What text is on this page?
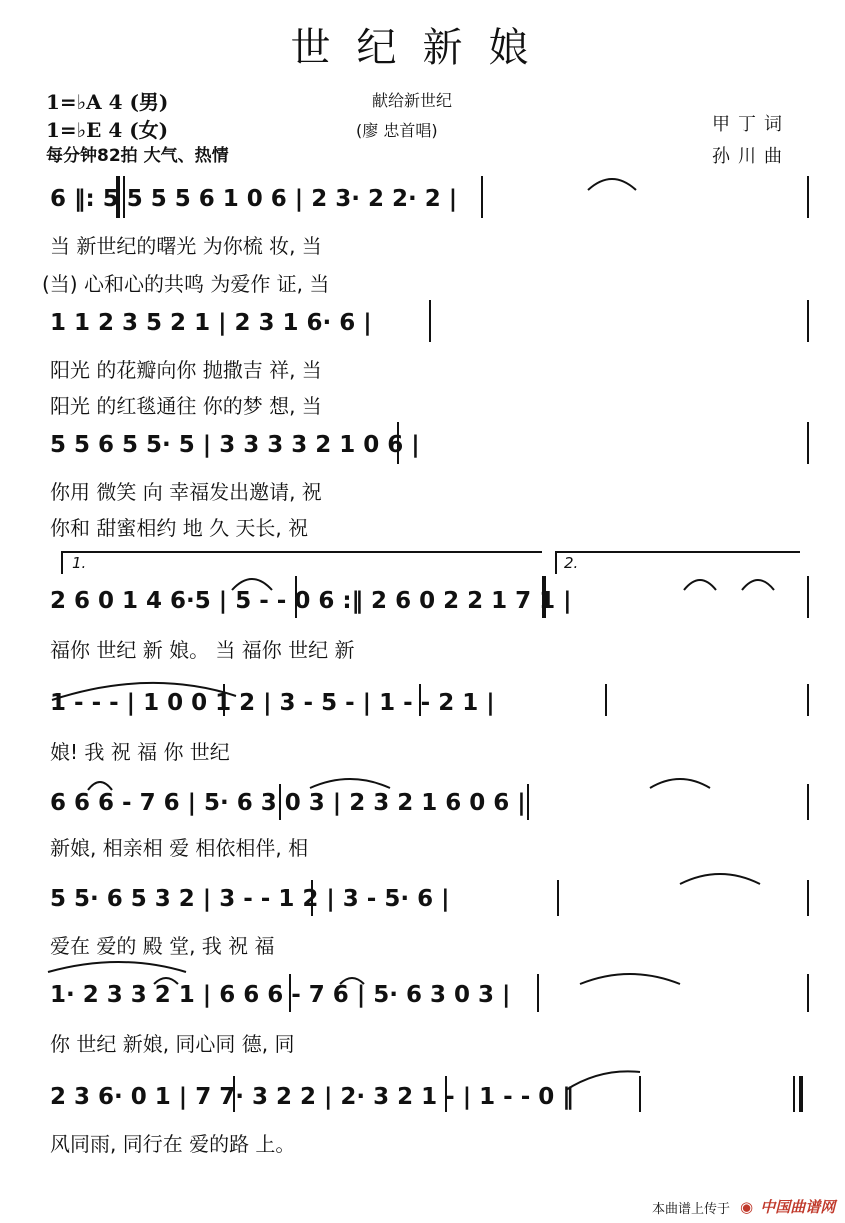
世纪新娘
1=♭A 4 (男)
1=♭E 4 (女)
每分钟82拍 大气、热情
献给新世纪
(廖 忠首唱)	甲丁词
孙川曲
6 ‖: 5 5 5 5 6 1 0 6 | 2 3· 2 2· 2 |
当 新世纪的曙光 为你梳 妆, 当
(当) 心和心的共鸣 为爱作 证, 当
1 1 2 3 5 2 1 | 2 3 1 6· 6 |
阳光 的花瓣向你 抛撒吉 祥, 当
阳光 的红毯通往 你的梦 想, 当
5 5 6 5 5· 5 | 3 3 3 3 2 1 0 6 |
你用 微笑 向 幸福发出邀请, 祝
你和 甜蜜相约 地 久 天长, 祝
1.	2.
2 6 0 1 4 6·5 | 5 - - 0 6 :‖ 2 6 0 2 2 1 7 1 |
福你 世纪 新 娘。 当 福你 世纪 新
1 - - - | 1 0 0 1 2 | 3 - 5 - | 1 - - 2 1 |
娘! 我 祝 福 你 世纪
6 6 6 - 7 6 | 5· 6 3 0 3 | 2 3 2 1 6 0 6 |
新娘, 相亲相 爱 相依相伴, 相
5 5· 6 5 3 2 | 3 - - 1 2 | 3 - 5· 6 |
爱在 爱的 殿 堂, 我 祝 福
1· 2 3 3 2 1 | 6 6 6 - 7 6 | 5· 6 3 0 3 |
你 世纪 新娘, 同心同 德, 同
2 3 6· 0 1 | 7 7· 3 2 2 | 2· 3 2 1 - | 1 - - 0 ‖
风同雨, 同行在 爱的路 上。
本曲谱上传于 ◉ 中国曲谱网
